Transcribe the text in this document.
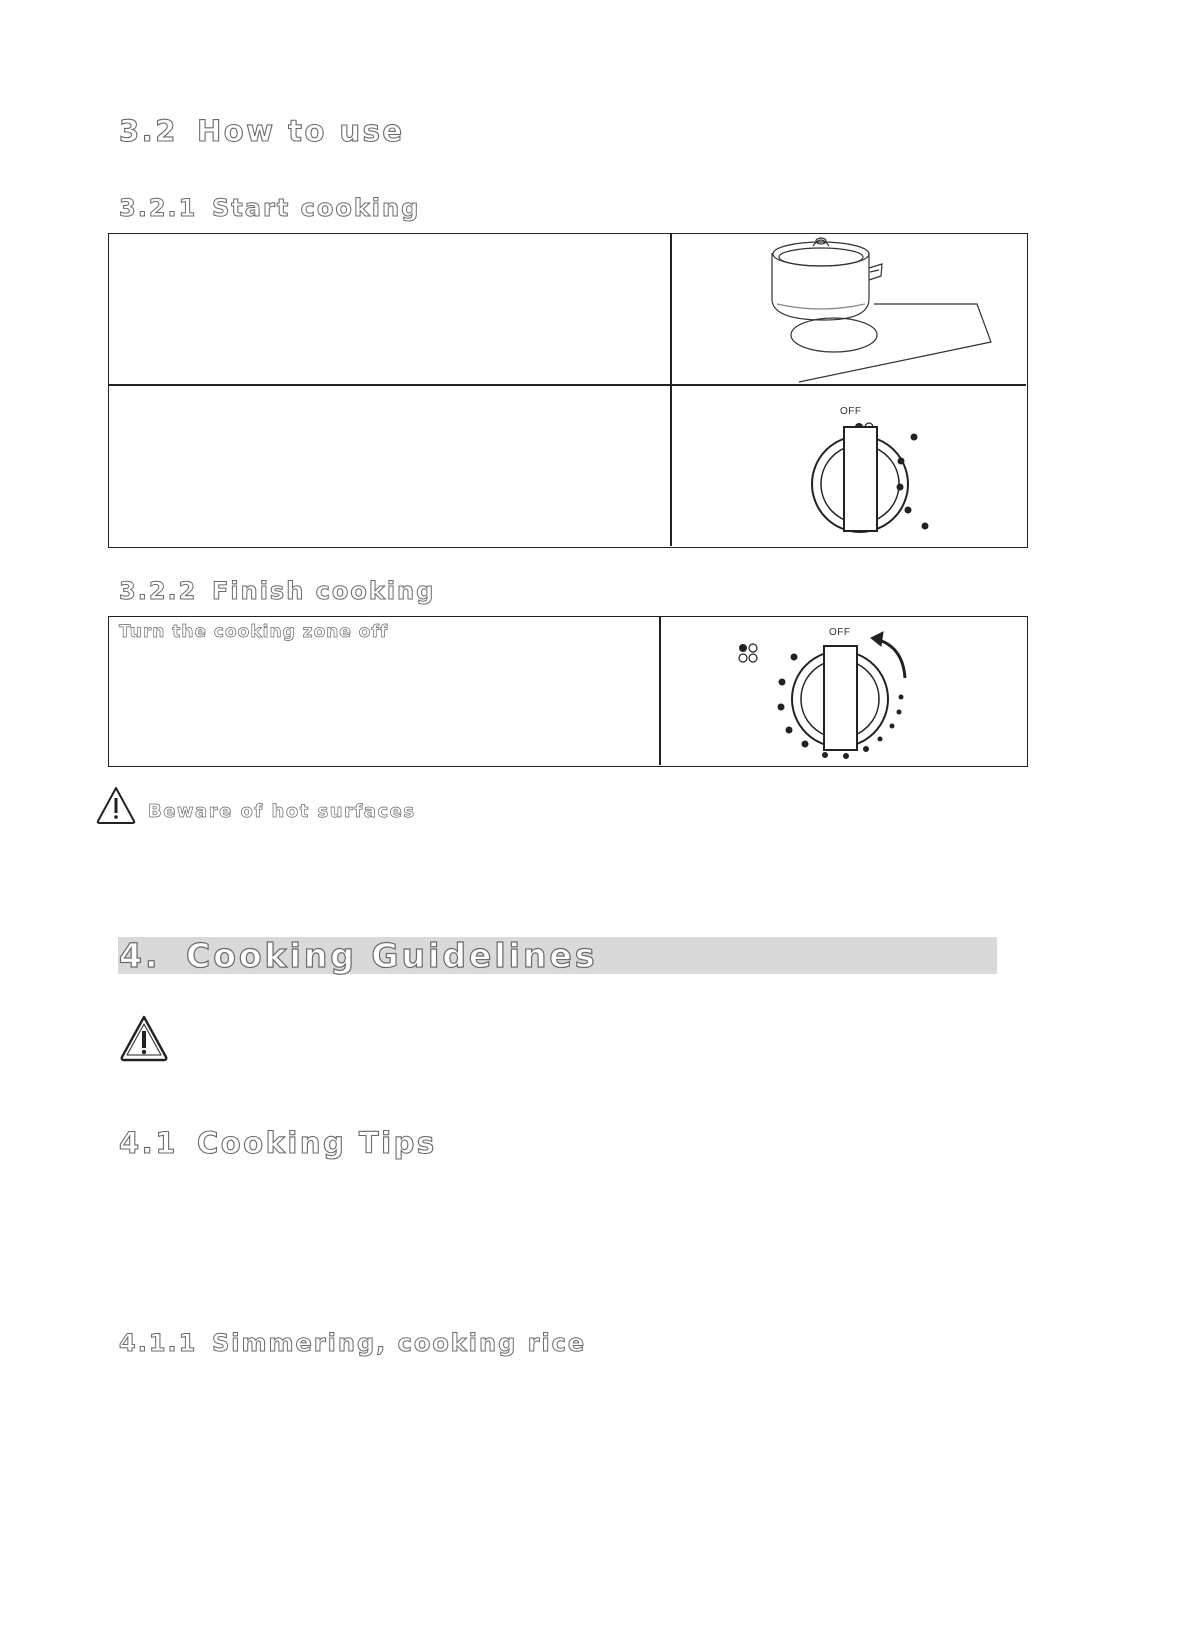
3.2 How to use
3.2.1 Start cooking
OFF
3.2.2 Finish cooking
Turn the cooking zone off	OFF
Beware of hot surfaces
4. Cooking Guidelines
4.1 Cooking Tips
4.1.1 Simmering, cooking rice
